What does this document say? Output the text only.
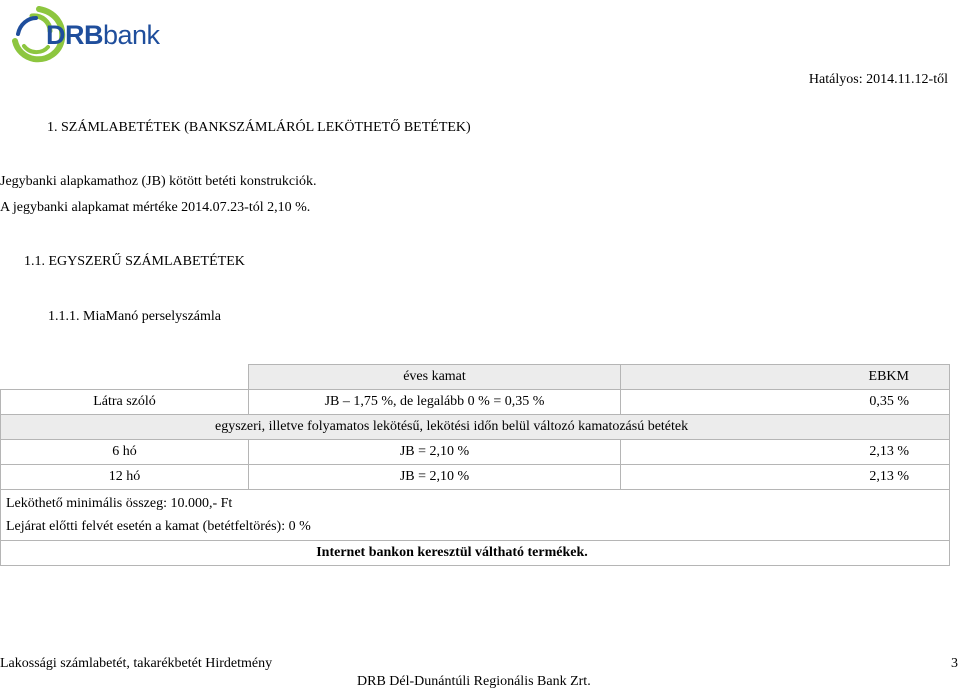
DRBbank
Hatályos: 2014.11.12-től
1. SZÁMLABETÉTEK (BANKSZÁMLÁRÓL LEKÖTHETŐ BETÉTEK)
Jegybanki alapkamathoz (JB) kötött betéti konstrukciók.
A jegybanki alapkamat mértéke 2014.07.23-tól 2,10 %.
1.1. EGYSZERŰ SZÁMLABETÉTEK
1.1.1. MiaManó perselyszámla
	éves kamat	EBKM
Látra szóló	JB – 1,75 %, de legalább 0 % = 0,35 %	0,35 %
egyszeri, illetve folyamatos lekötésű, lekötési időn belül változó kamatozású betétek		
6 hó	JB = 2,10 %	2,13 %
12 hó	JB = 2,10 %	2,13 %

Leköthető minimális összeg: 10.000,- Ft
Lejárat előtti felvét esetén a kamat (betétfeltörés): 0 %		

Internet bankon keresztül váltható termékek.		
Lakossági számlabetét, takarékbetét Hirdetmény	3
DRB Dél-Dunántúli Regionális Bank Zrt.
